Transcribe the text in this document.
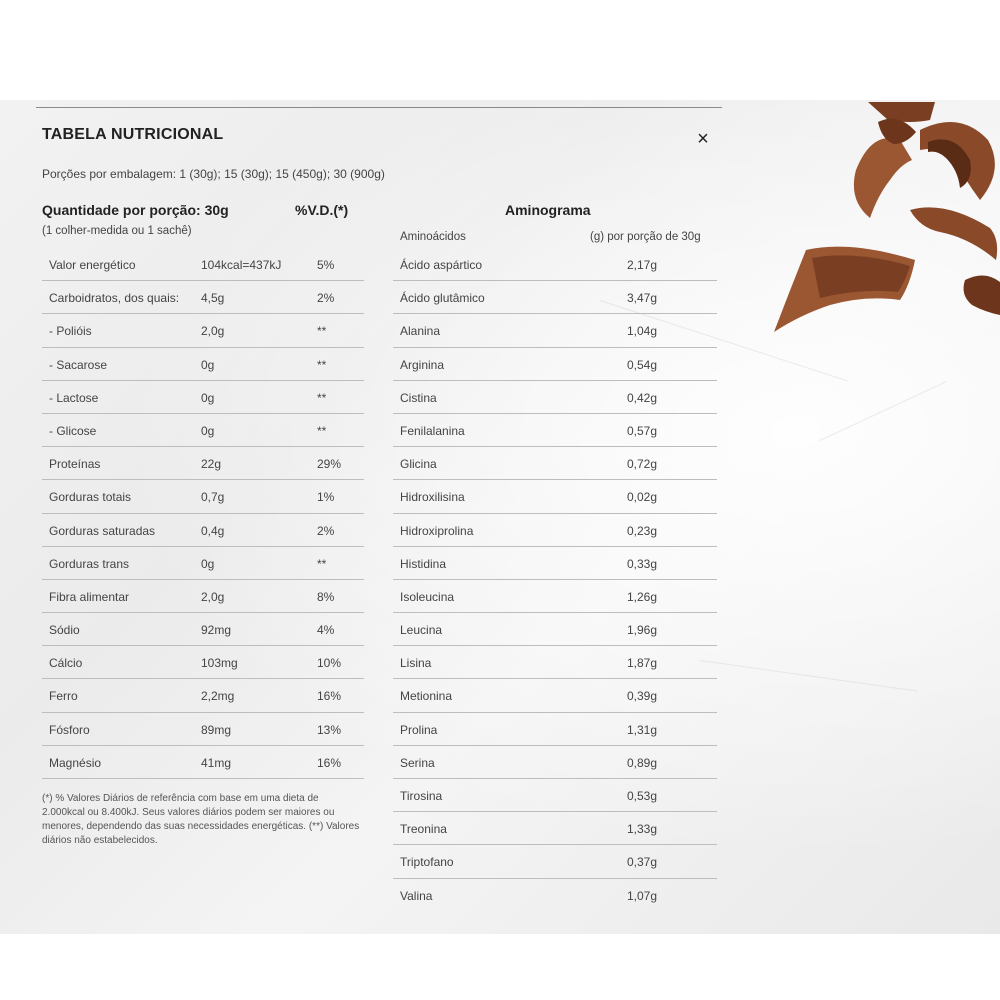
TABELA NUTRICIONAL	×
Porções por embalagem: 1 (30g); 15 (30g); 15 (450g); 30 (900g)
Quantidade por porção: 30g	%V.D.(*)
(1 colher-medida ou 1 sachê)
Valor energético	104kcal=437kJ	5%
Carboidratos, dos quais: 4,5g	2%
- Polióis	2,0g	**
- Sacarose	0g	**
- Lactose	0g	**
- Glicose	0g	**
Proteínas	22g	29%
Gorduras totais	0,7g	1%
Gorduras saturadas	0,4g	2%
Gorduras trans	0g	**
Fibra alimentar	2,0g	8%
Sódio	92mg	4%
Cálcio	103mg	10%
Ferro	2,2mg	16%
Fósforo	89mg	13%
Magnésio	41mg	16%
(*) % Valores Diários de referência com base em uma dieta de 2.000kcal ou 8.400kJ. Seus valores diários podem ser maiores ou menores, dependendo das suas necessidades energéticas. (**) Valores diários não estabelecidos.
Aminograma
Aminoácidos	(g) por porção de 30g
Ácido aspártico	2,17g
Ácido glutâmico	3,47g
Alanina	1,04g
Arginina	0,54g
Cistina	0,42g
Fenilalanina	0,57g
Glicina	0,72g
Hidroxilisina	0,02g
Hidroxiprolina	0,23g
Histidina	0,33g
Isoleucina	1,26g
Leucina	1,96g
Lisina	1,87g
Metionina	0,39g
Prolina	1,31g
Serina	0,89g
Tirosina	0,53g
Treonina	1,33g
Triptofano	0,37g
Valina	1,07g
